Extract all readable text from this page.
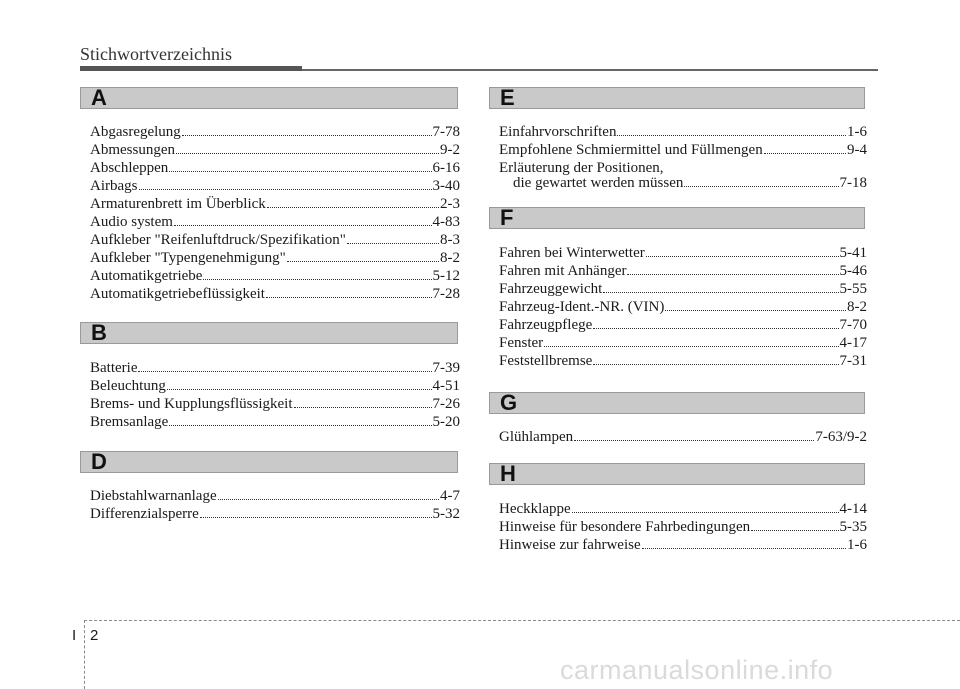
Stichwortverzeichnis
A
Abgasregelung	7-78
Abmessungen	9-2
Abschleppen	6-16
Airbags	3-40
Armaturenbrett im Überblick	2-3
Audio system	4-83
Aufkleber "Reifenluftdruck/Spezifikation"	8-3
Aufkleber "Typengenehmigung"	8-2
Automatikgetriebe	5-12
Automatikgetriebeflüssigkeit	7-28
B
Batterie	7-39
Beleuchtung	4-51
Brems- und Kupplungsflüssigkeit	7-26
Bremsanlage	5-20
D
Diebstahlwarnanlage	4-7
Differenzialsperre	5-32
E
Einfahrvorschriften	1-6
Empfohlene Schmiermittel und Füllmengen	9-4
Erläuterung der Positionen,
die gewartet werden müssen	7-18
F
Fahren bei Winterwetter	5-41
Fahren mit Anhänger	5-46
Fahrzeuggewicht	5-55
Fahrzeug-Ident.-NR. (VIN)	8-2
Fahrzeugpflege	7-70
Fenster	4-17
Feststellbremse	7-31
G
Glühlampen	7-63/9-2
H
Heckklappe	4-14
Hinweise für besondere Fahrbedingungen	5-35
Hinweise zur fahrweise	1-6
I 2
carmanualsonline.info
